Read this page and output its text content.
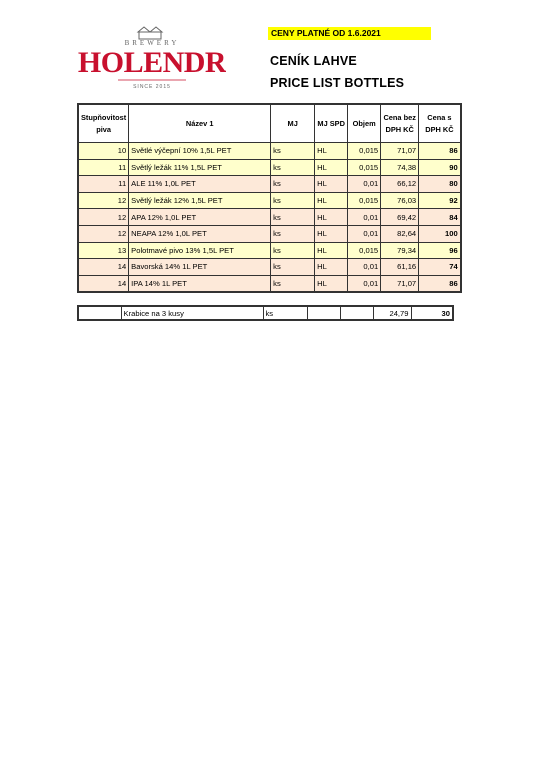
BREWERY
HOLENDR
SINCE 2015
CENY PLATNÉ OD 1.6.2021
CENÍK LAHVE
PRICE LIST BOTTLES
Stupňovitost piva	Název 1	MJ	MJ SPD	Objem	Cena bez DPH KČ	Cena s DPH KČ
10	Světlé výčepní 10% 1,5L PET	ks	HL	0,015	71,07	86
11	Světlý ležák 11% 1,5L PET	ks	HL	0,015	74,38	90
11	ALE 11% 1,0L PET	ks	HL	0,01	66,12	80
12	Světlý ležák 12% 1,5L PET	ks	HL	0,015	76,03	92
12	APA 12% 1,0L PET	ks	HL	0,01	69,42	84
12	NEAPA 12% 1,0L PET	ks	HL	0,01	82,64	100
13	Polotmavé pivo 13% 1,5L PET	ks	HL	0,015	79,34	96
14	Bavorská 14% 1L PET	ks	HL	0,01	61,16	74
14	IPA 14% 1L PET	ks	HL	0,01	71,07	86
	Krabice na 3 kusy	ks			24,79	30
